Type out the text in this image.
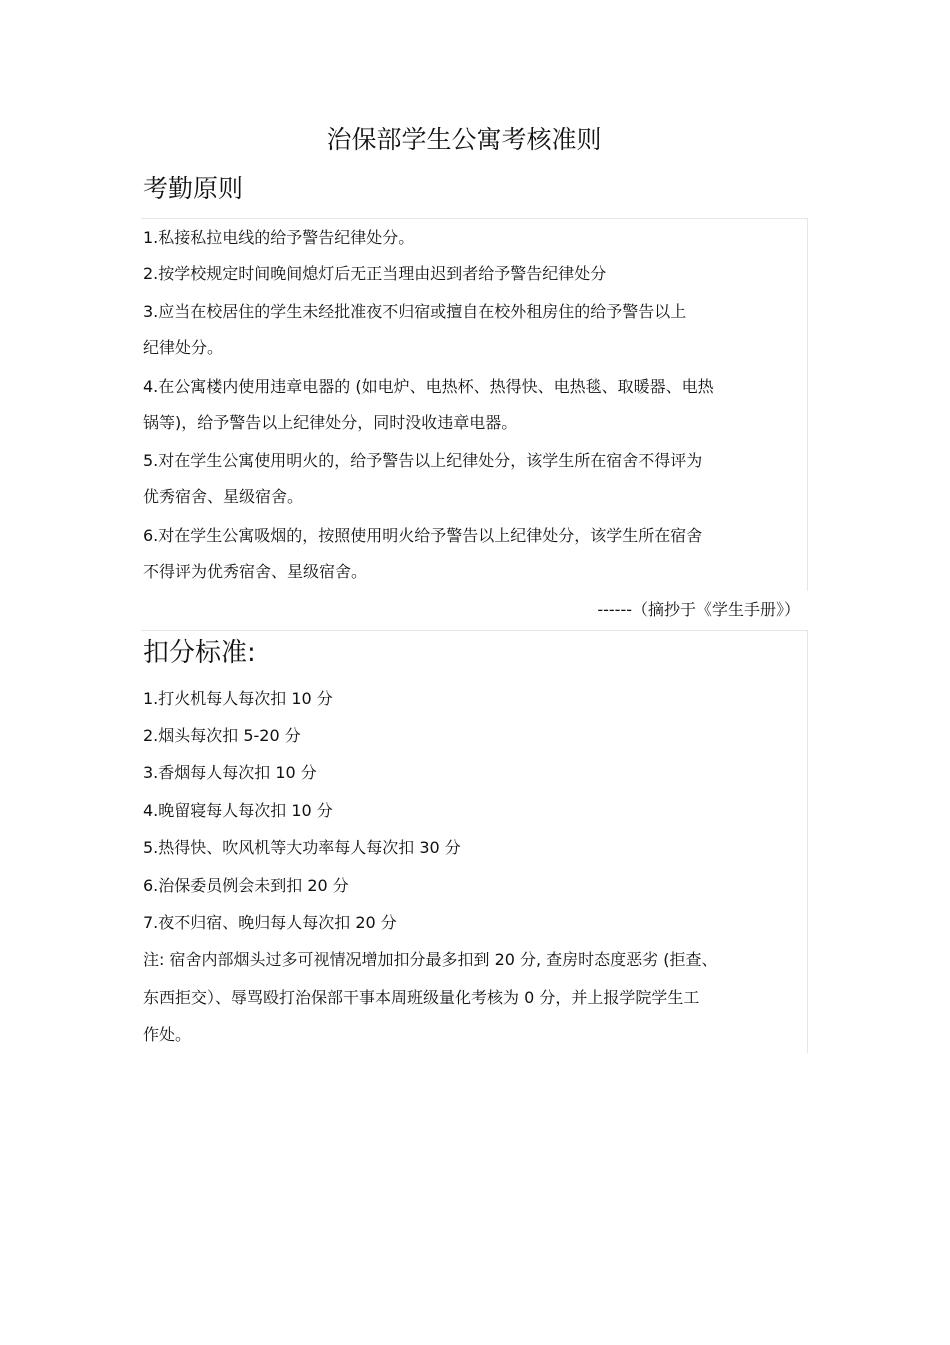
治保部学生公寓考核准则
考勤原则

1.私接私拉电线的给予警告纪律处分。

2.按学校规定时间晚间熄灯后无正当理由迟到者给予警告纪律处分

3.应当在校居住的学生未经批准夜不归宿或擅自在校外租房住的给予警告以上

纪律处分。

4.在公寓楼内使用违章电器的 (如电炉、电热杯、热得快、电热毯、取暖器、电热

锅等)，给予警告以上纪律处分，同时没收违章电器。

5.对在学生公寓使用明火的，给予警告以上纪律处分，该学生所在宿舍不得评为

优秀宿舍、星级宿舍。

6.对在学生公寓吸烟的，按照使用明火给予警告以上纪律处分，该学生所在宿舍

不得评为优秀宿舍、星级宿舍。

------（摘抄于《学生手册》）
扣分标准:

1.打火机每人每次扣 10 分

2.烟头每次扣 5-20 分

3.香烟每人每次扣 10 分

4.晚留寝每人每次扣 10 分

5.热得快、吹风机等大功率每人每次扣 30 分

6.治保委员例会未到扣 20 分

7.夜不归宿、晚归每人每次扣 20 分

注: 宿舍内部烟头过多可视情况增加扣分最多扣到 20 分, 查房时态度恶劣 (拒查、

东西拒交）、辱骂殴打治保部干事本周班级量化考核为 0 分，并上报学院学生工

作处。
